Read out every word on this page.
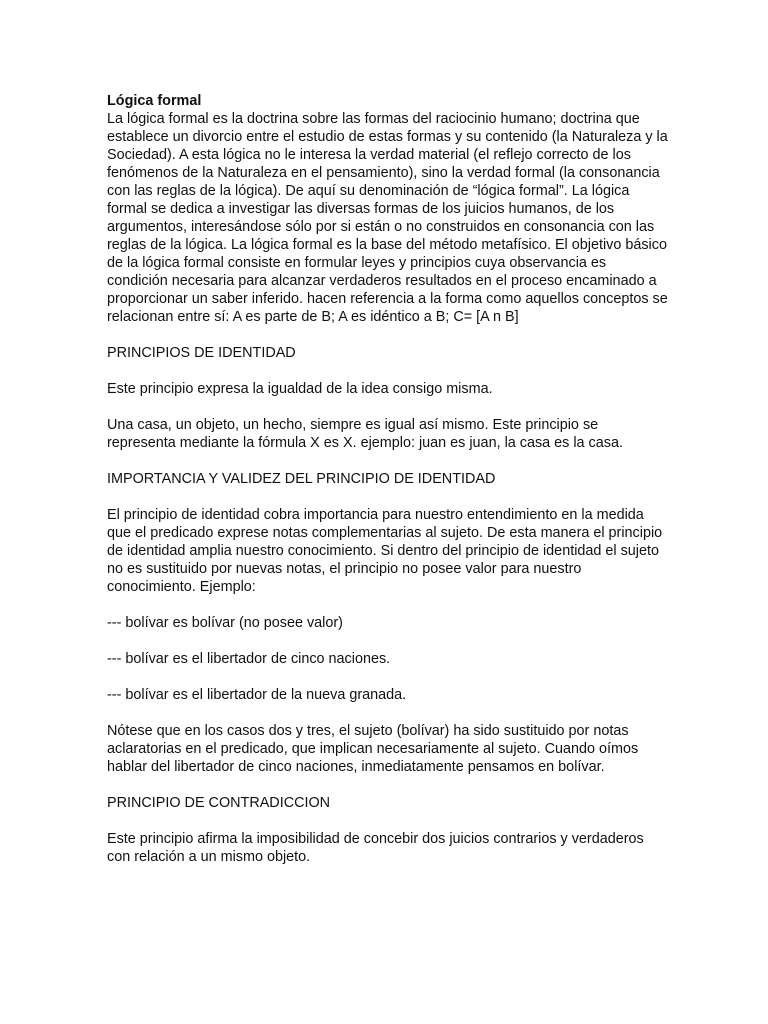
Lógica formal

La lógica formal es la doctrina sobre las formas del raciocinio humano; doctrina que establece un divorcio entre el estudio de estas formas y su contenido (la Naturaleza y la Sociedad). A esta lógica no le interesa la verdad material (el reflejo correcto de los fenómenos de la Naturaleza en el pensamiento), sino la verdad formal (la consonancia con las reglas de la lógica). De aquí su denominación de “lógica formal”. La lógica formal se dedica a investigar las diversas formas de los juicios humanos, de los argumentos, interesándose sólo por si están o no construidos en consonancia con las reglas de la lógica. La lógica formal es la base del método metafísico. El objetivo básico de la lógica formal consiste en formular leyes y principios cuya observancia es condición necesaria para alcanzar verdaderos resultados en el proceso encaminado a proporcionar un saber inferido. hacen referencia a la forma como aquellos conceptos se relacionan entre sí: A es parte de B; A es idéntico a B; C= [A n B]

PRINCIPIOS DE IDENTIDAD

Este principio expresa la igualdad de la idea consigo misma.

Una casa, un objeto, un hecho, siempre es igual así mismo. Este principio se representa mediante la fórmula X es X. ejemplo: juan es juan, la casa es la casa.

IMPORTANCIA Y VALIDEZ DEL PRINCIPIO DE IDENTIDAD

El principio de identidad cobra importancia para nuestro entendimiento en la medida que el predicado exprese notas complementarias al sujeto. De esta manera el principio de identidad amplia nuestro conocimiento. Si dentro del principio de identidad el sujeto no es sustituido por nuevas notas, el principio no posee valor para nuestro conocimiento. Ejemplo:

--- bolívar es bolívar (no posee valor)

--- bolívar es el libertador de cinco naciones.

--- bolívar es el libertador de la nueva granada.

Nótese que en los casos dos y tres, el sujeto (bolívar) ha sido sustituido por notas aclaratorias en el predicado, que implican necesariamente al sujeto. Cuando oímos hablar del libertador de cinco naciones, inmediatamente pensamos en bolívar.

PRINCIPIO DE CONTRADICCION

Este principio afirma la imposibilidad de concebir dos juicios contrarios y verdaderos con relación a un mismo objeto.
